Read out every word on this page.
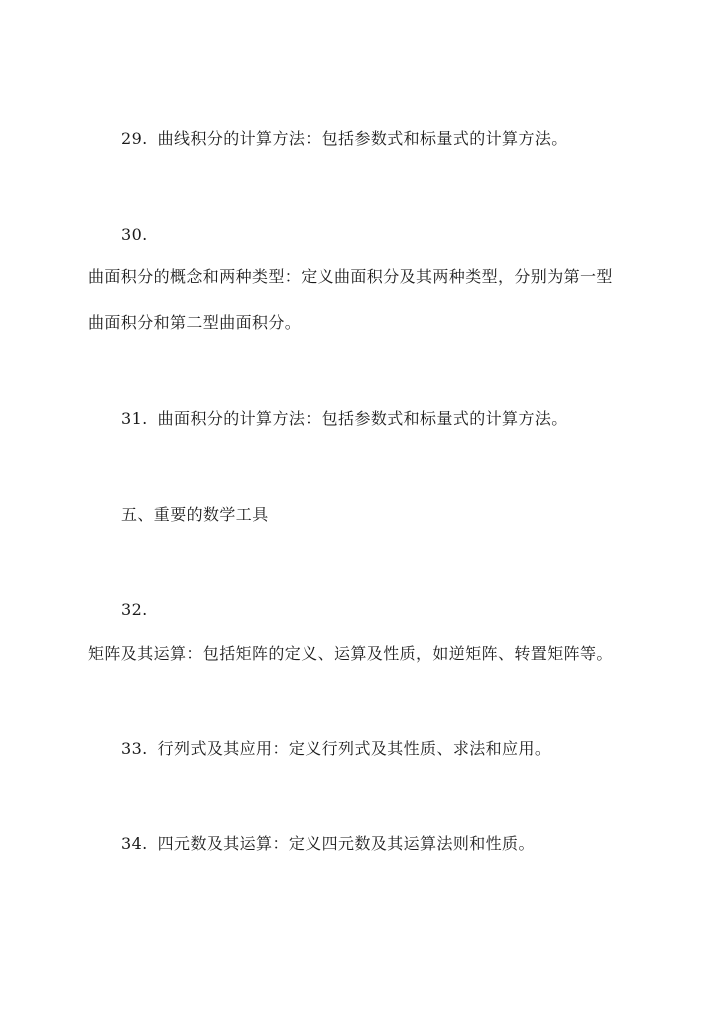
29. 曲线积分的计算方法：包括参数式和标量式的计算方法。
30.
曲面积分的概念和两种类型：定义曲面积分及其两种类型，分别为第一型
曲面积分和第二型曲面积分。
31. 曲面积分的计算方法：包括参数式和标量式的计算方法。
五、重要的数学工具
32.
矩阵及其运算：包括矩阵的定义、运算及性质，如逆矩阵、转置矩阵等。
33. 行列式及其应用：定义行列式及其性质、求法和应用。
34. 四元数及其运算：定义四元数及其运算法则和性质。
